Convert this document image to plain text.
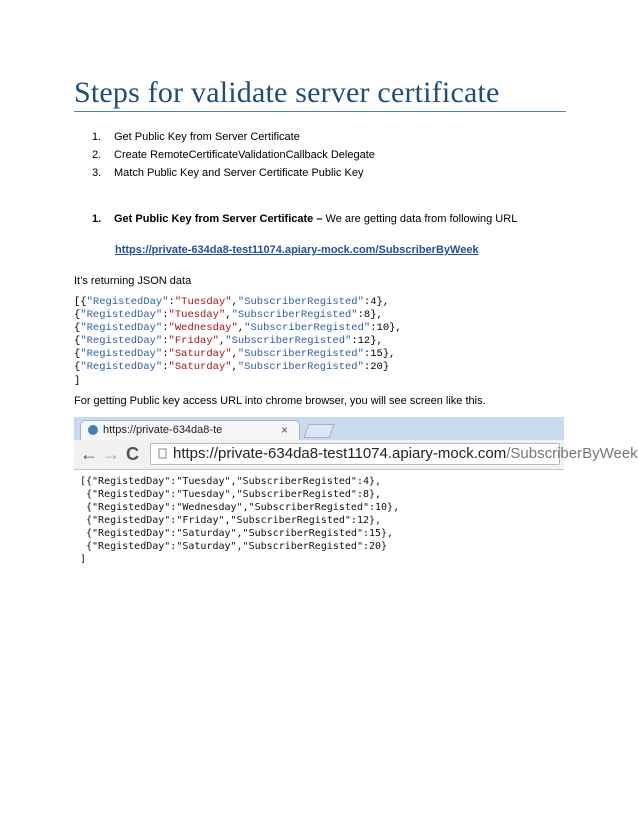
Steps for validate server certificate
1. Get Public Key from Server Certificate
2. Create RemoteCertificateValidationCallback Delegate
3. Match Public Key and Server Certificate Public Key
1. Get Public Key from Server Certificate – We are getting data from following URL
https://private-634da8-test11074.apiary-mock.com/SubscriberByWeek
It’s returning JSON data
[{"RegistedDay":"Tuesday","SubscriberRegisted":4},
{"RegistedDay":"Tuesday","SubscriberRegisted":8},
{"RegistedDay":"Wednesday","SubscriberRegisted":10},
{"RegistedDay":"Friday","SubscriberRegisted":12},
{"RegistedDay":"Saturday","SubscriberRegisted":15},
{"RegistedDay":"Saturday","SubscriberRegisted":20}
]
For getting Public key access URL into chrome browser, you will see screen like this.
https://private-634da8-te	×
← → C https://private-634da8-test11074.apiary-mock.com/SubscriberByWeek
[{"RegistedDay":"Tuesday","SubscriberRegisted":4},
{"RegistedDay":"Tuesday","SubscriberRegisted":8},
{"RegistedDay":"Wednesday","SubscriberRegisted":10},
{"RegistedDay":"Friday","SubscriberRegisted":12},
{"RegistedDay":"Saturday","SubscriberRegisted":15},
{"RegistedDay":"Saturday","SubscriberRegisted":20}
]
